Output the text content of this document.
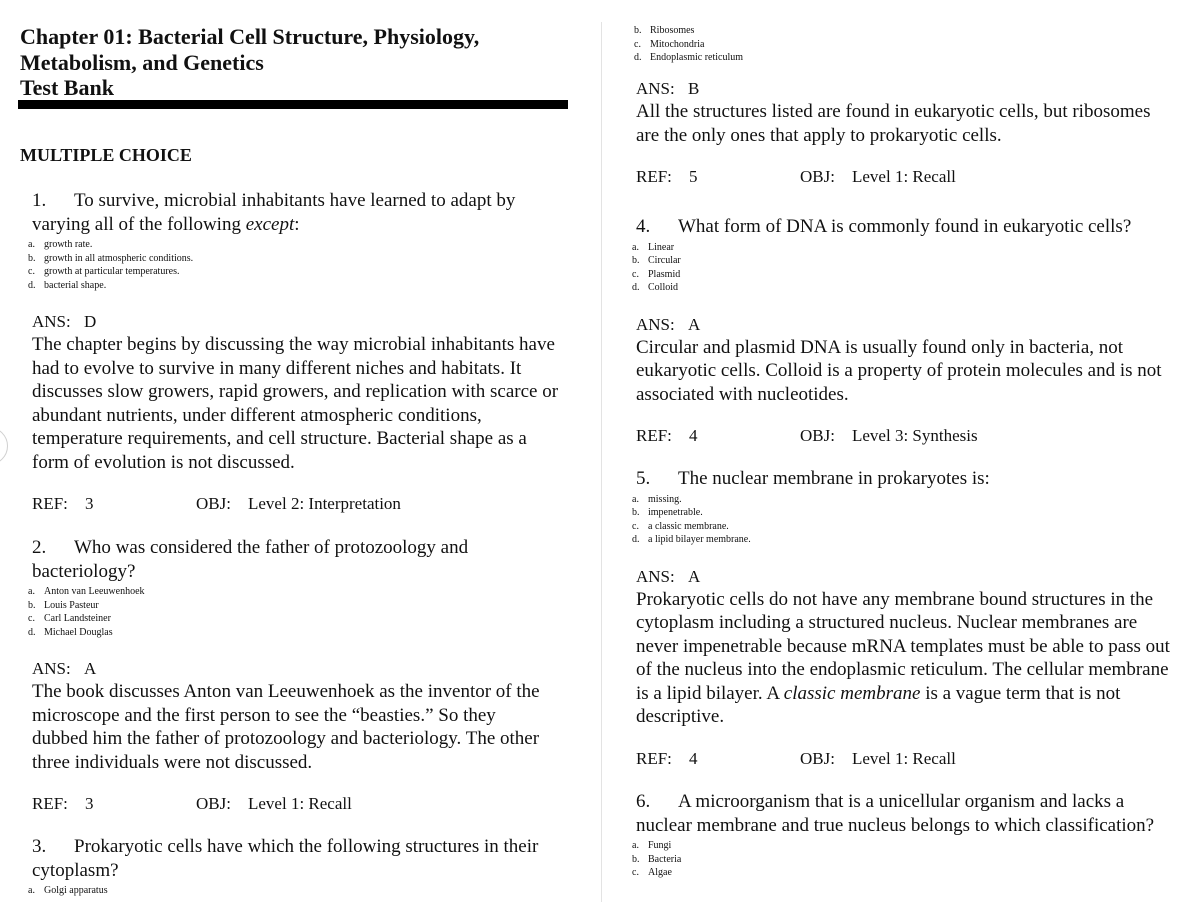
Chapter 01: Bacterial Cell Structure, Physiology,
Metabolism, and Genetics
Test Bank
MULTIPLE CHOICE

1. To survive, microbial inhabitants have learned to adapt by varying all of the following except:

a. growth rate.
b. growth in all atmospheric conditions.
c. growth at particular temperatures.
d. bacterial shape.
ANS: D

The chapter begins by discussing the way microbial inhabitants have had to evolve to survive in many different niches and habitats. It discusses slow growers, rapid growers, and replication with scarce or abundant nutrients, under different atmospheric conditions, temperature requirements, and cell structure. Bacterial shape as a form of evolution is not discussed.

REF: 3	OBJ: Level 2: Interpretation

2. Who was considered the father of protozoology and bacteriology?

a. Anton van Leeuwenhoek
b. Louis Pasteur
c. Carl Landsteiner
d. Michael Douglas
ANS: A

The book discusses Anton van Leeuwenhoek as the inventor of the microscope and the first person to see the “beasties.” So they dubbed him the father of protozoology and bacteriology. The other three individuals were not discussed.

REF: 3	OBJ: Level 1: Recall

3. Prokaryotic cells have which the following structures in their cytoplasm?

a. Golgi apparatus
b. Ribosomes
c. Mitochondria
d. Endoplasmic reticulum
ANS: B

All the structures listed are found in eukaryotic cells, but ribosomes are the only ones that apply to prokaryotic cells.

REF: 5	OBJ: Level 1: Recall

4. What form of DNA is commonly found in eukaryotic cells?

a. Linear
b. Circular
c. Plasmid
d. Colloid
ANS: A

Circular and plasmid DNA is usually found only in bacteria, not eukaryotic cells. Colloid is a property of protein molecules and is not associated with nucleotides.

REF: 4	OBJ: Level 3: Synthesis

5. The nuclear membrane in prokaryotes is:

a. missing.
b. impenetrable.
c. a classic membrane.
d. a lipid bilayer membrane.
ANS: A

Prokaryotic cells do not have any membrane bound structures in the cytoplasm including a structured nucleus. Nuclear membranes are never impenetrable because mRNA templates must be able to pass out of the nucleus into the endoplasmic reticulum. The cellular membrane is a lipid bilayer. A classic membrane is a vague term that is not descriptive.

REF: 4	OBJ: Level 1: Recall

6. A microorganism that is a unicellular organism and lacks a nuclear membrane and true nucleus belongs to which classification?

a. Fungi
b. Bacteria
c. Algae
